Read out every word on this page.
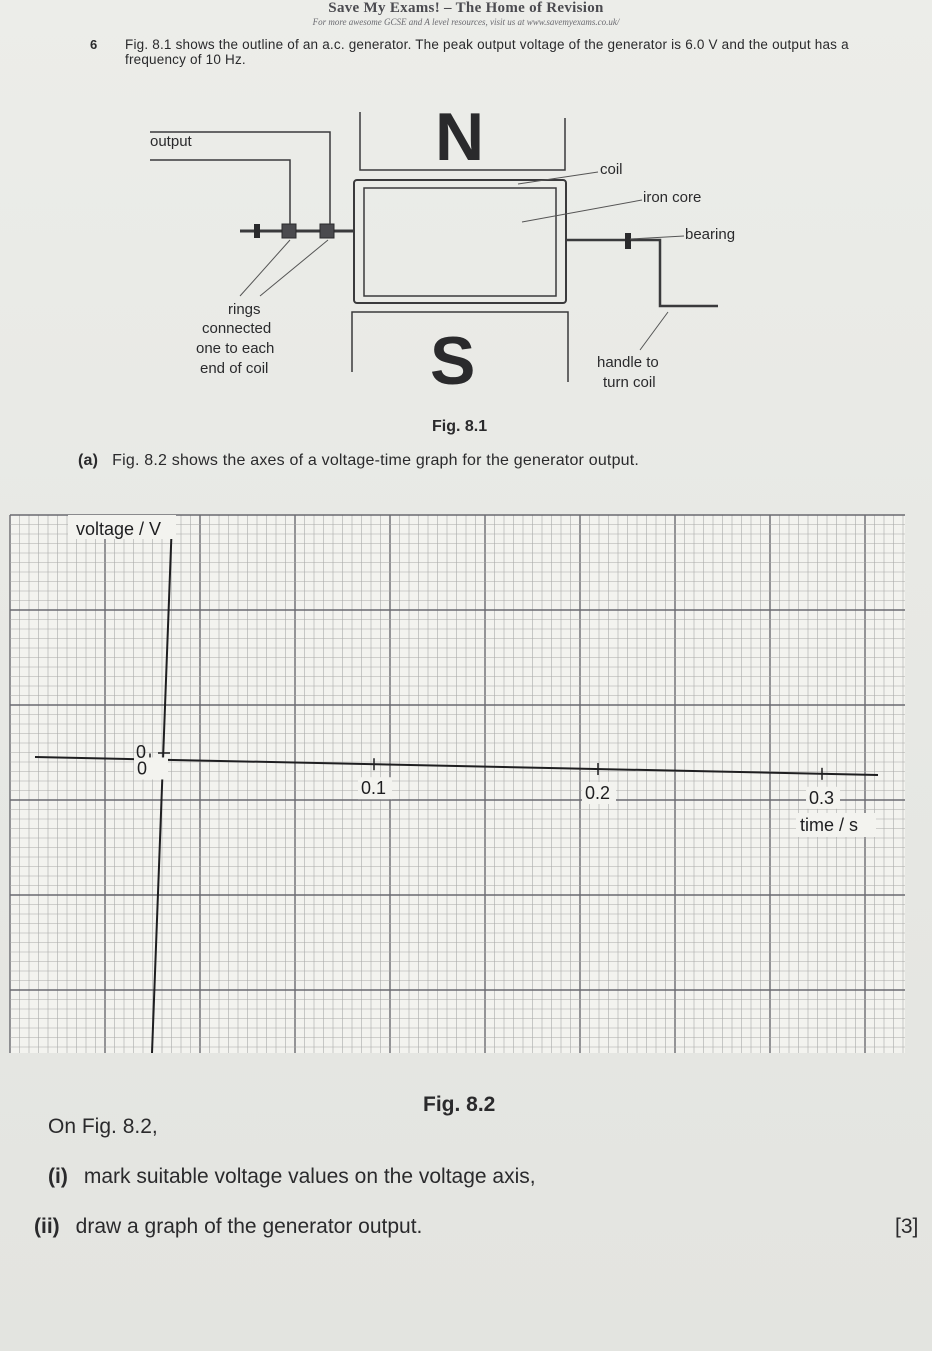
Save My Exams! – The Home of Revision
For more awesome GCSE and A level resources, visit us at www.savemyexams.co.uk/
6 Fig. 8.1 shows the outline of an a.c. generator. The peak output voltage of the generator is 6.0 V and the output has a frequency of 10 Hz.
N
S
output
coil
iron core
bearing
rings
connected
one to each
end of coil	handle to
turn coil
Fig. 8.1
(a) Fig. 8.2 shows the axes of a voltage-time graph for the generator output.
voltage / V
time / s
0
0.1	0.2	0.3
0
Fig. 8.2
On Fig. 8.2,
(i) mark suitable voltage values on the voltage axis,
(ii) draw a graph of the generator output.	[3]
